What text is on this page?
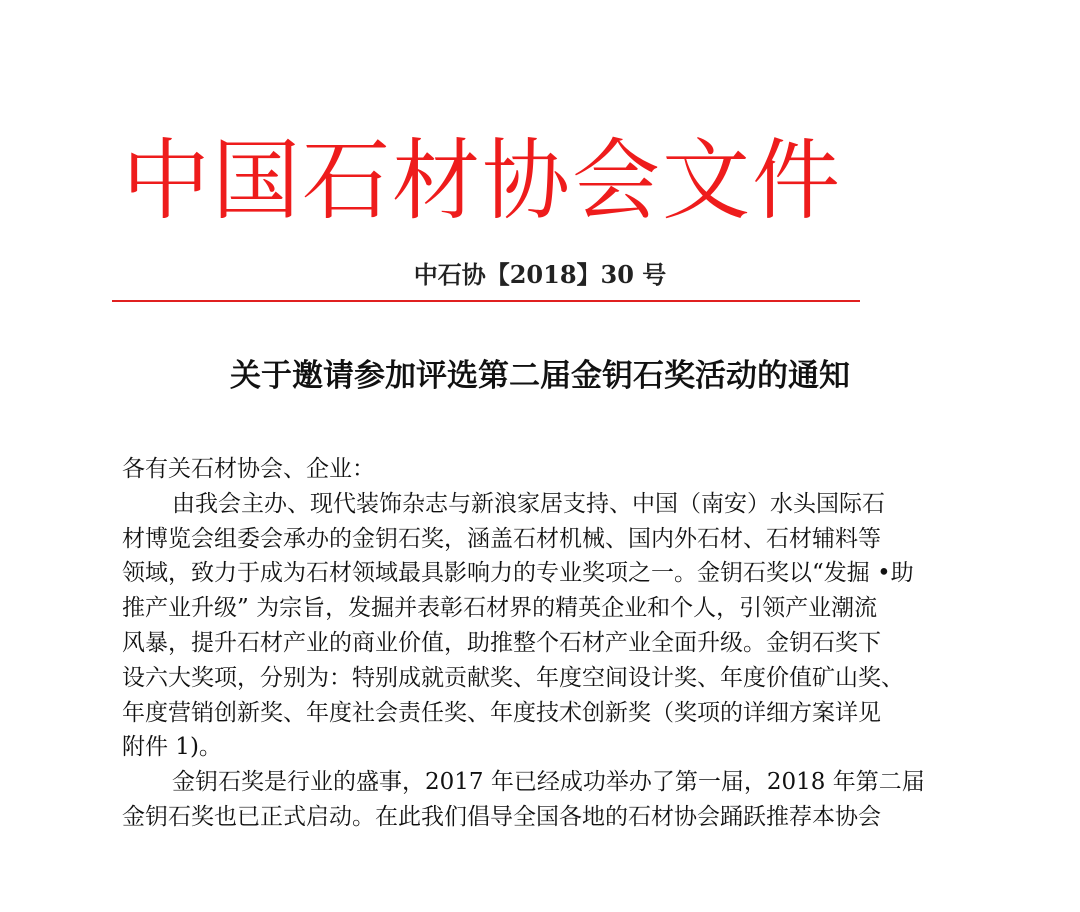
中国石材协会文件
中石协【2018】30 号
关于邀请参加评选第二届金钥石奖活动的通知

各有关石材协会、企业：

由我会主办、现代装饰杂志与新浪家居支持、中国（南安）水头国际石
材博览会组委会承办的金钥石奖，涵盖石材机械、国内外石材、石材辅料等
领域，致力于成为石材领域最具影响力的专业奖项之一。金钥石奖以“发掘 •助
推产业升级” 为宗旨，发掘并表彰石材界的精英企业和个人，引领产业潮流
风暴，提升石材产业的商业价值，助推整个石材产业全面升级。金钥石奖下
设六大奖项，分别为：特别成就贡献奖、年度空间设计奖、年度价值矿山奖、
年度营销创新奖、年度社会责任奖、年度技术创新奖（奖项的详细方案详见
附件 1)。
金钥石奖是行业的盛事，2017 年已经成功举办了第一届，2018 年第二届
金钥石奖也已正式启动。在此我们倡导全国各地的石材协会踊跃推荐本协会
